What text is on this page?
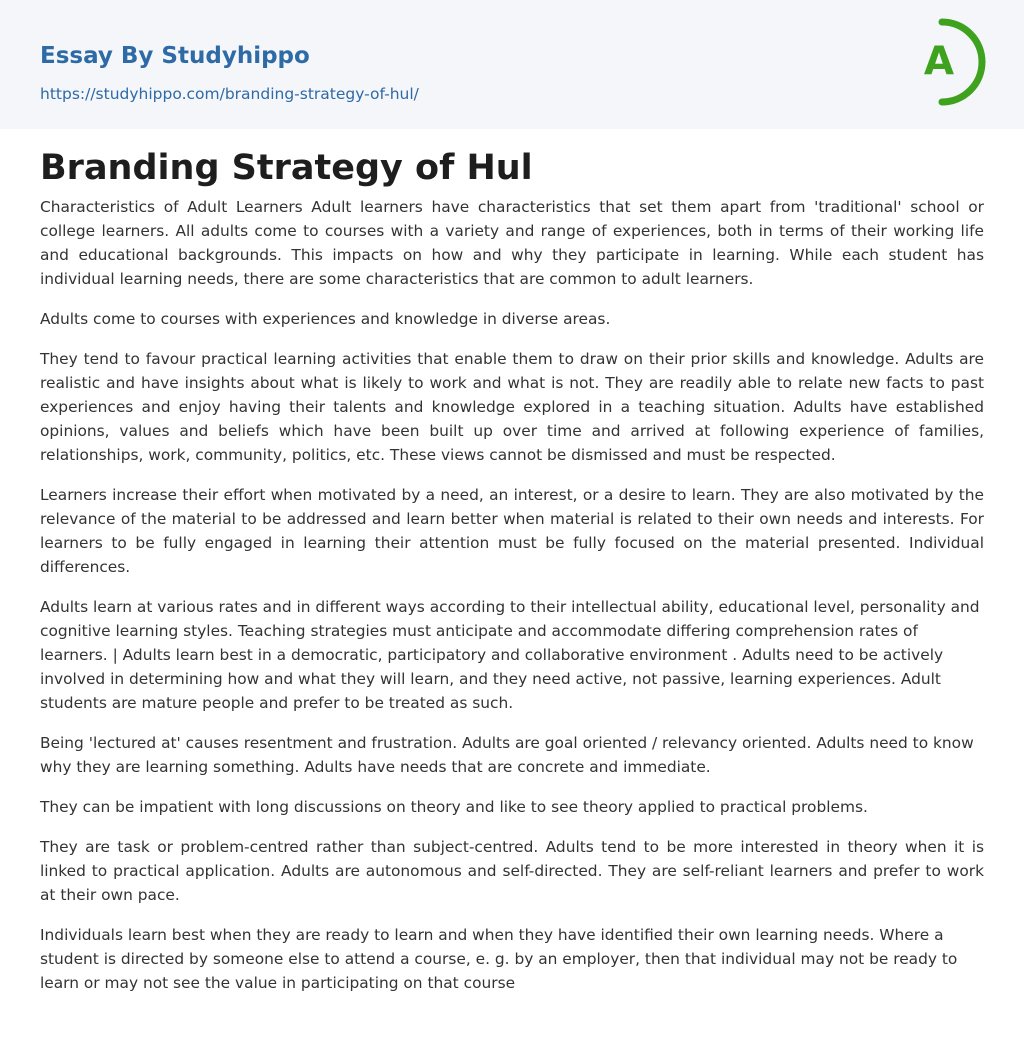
Essay By Studyhippo
https://studyhippo.com/branding-strategy-of-hul/
A
Branding Strategy of Hul

Characteristics of Adult Learners Adult learners have characteristics that set them apart from 'traditional' school or college learners. All adults come to courses with a variety and range of experiences, both in terms of their working life and educational backgrounds. This impacts on how and why they participate in learning. While each student has individual learning needs, there are some characteristics that are common to adult learners.

Adults come to courses with experiences and knowledge in diverse areas.

They tend to favour practical learning activities that enable them to draw on their prior skills and knowledge. Adults are realistic and have insights about what is likely to work and what is not. They are readily able to relate new facts to past experiences and enjoy having their talents and knowledge explored in a teaching situation. Adults have established opinions, values and beliefs which have been built up over time and arrived at following experience of families, relationships, work, community, politics, etc. These views cannot be dismissed and must be respected.

Learners increase their effort when motivated by a need, an interest, or a desire to learn. They are also motivated by the relevance of the material to be addressed and learn better when material is related to their own needs and interests. For learners to be fully engaged in learning their attention must be fully focused on the material presented. Individual differences.

Adults learn at various rates and in different ways according to their intellectual ability, educational level, personality and cognitive learning styles. Teaching strategies must anticipate and accommodate differing comprehension rates of learners. | Adults learn best in a democratic, participatory and collaborative environment . Adults need to be actively involved in determining how and what they will learn, and they need active, not passive, learning experiences. Adult students are mature people and prefer to be treated as such.

Being 'lectured at' causes resentment and frustration. Adults are goal oriented / relevancy oriented. Adults need to know why they are learning something. Adults have needs that are concrete and immediate.

They can be impatient with long discussions on theory and like to see theory applied to practical problems.

They are task or problem-centred rather than subject-centred. Adults tend to be more interested in theory when it is linked to practical application. Adults are autonomous and self-directed. They are self-reliant learners and prefer to work at their own pace.

Individuals learn best when they are ready to learn and when they have identified their own learning needs. Where a student is directed by someone else to attend a course, e. g. by an employer, then that individual may not be ready to learn or may not see the value in participating on that course
